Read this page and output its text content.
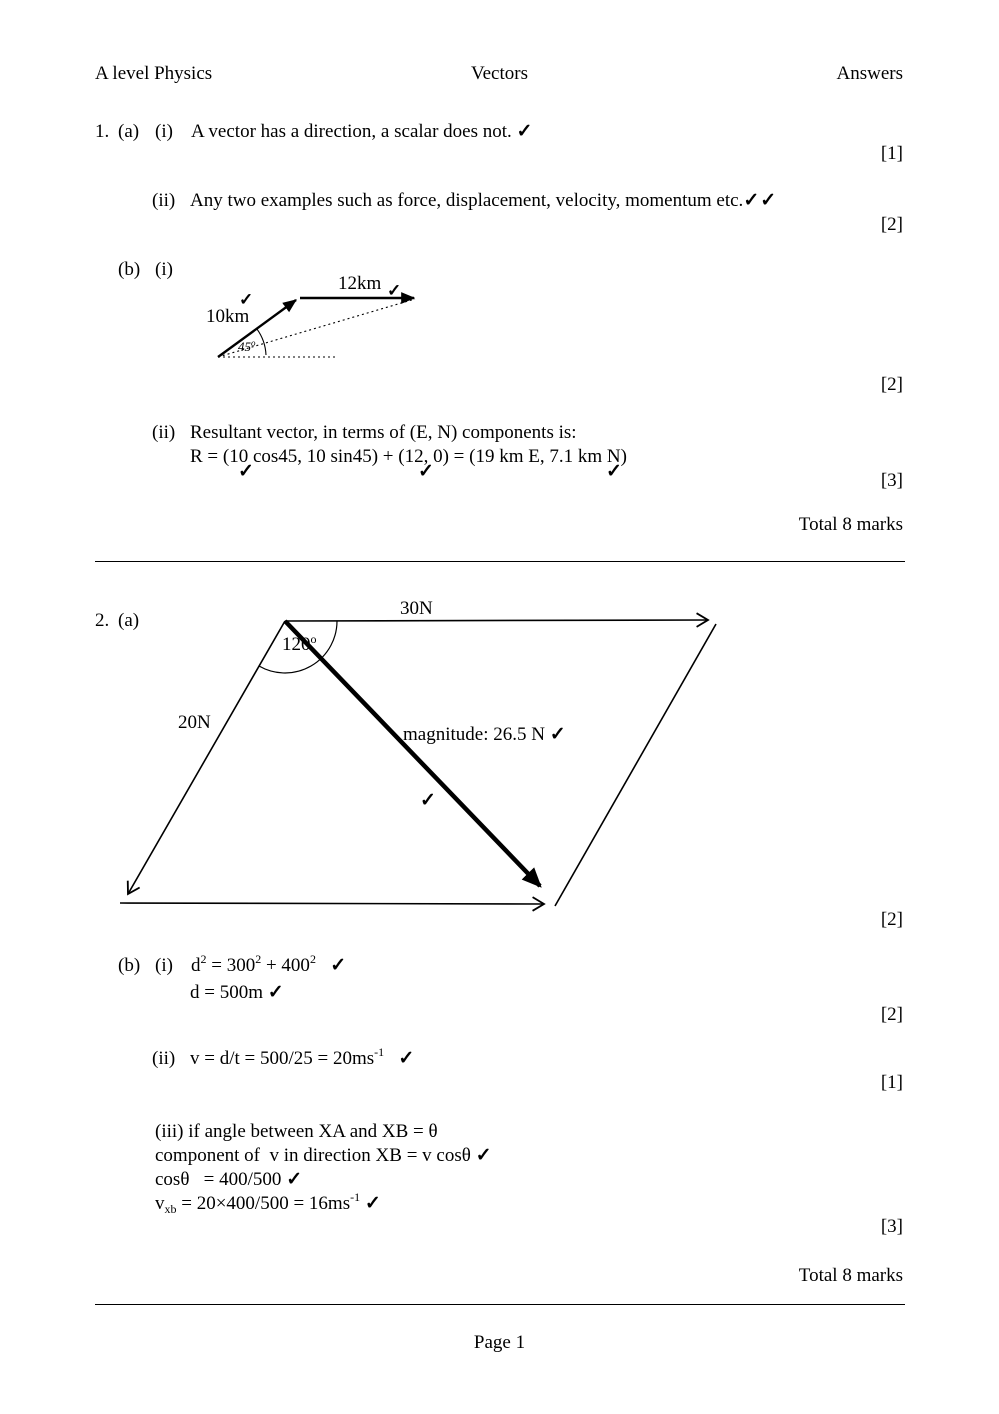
A level Physics	Vectors	Answers
1. (a) (i) A vector has a direction, a scalar does not. ✓
[1]
(ii) Any two examples such as force, displacement, velocity, momentum etc.✓✓
[2]
(b) (i)
10km
✓
12km ✓
45$^o$
[2]
(ii) Resultant vector, in terms of (E, N) components is:
R = (10 cos45, 10 sin45) + (12, 0) = (19 km E, 7.1 km N)
✓	✓	✓	[3]
Total 8 marks
2. (a)
30N
20N
120$^o$
magnitude: 26.5 N ✓
✓
[2]
(b) (i) $d^2 = 300^2 + 400^2$ ✓
d = 500m ✓
[2]
(ii) $v = d/t = 500/25 = 20ms^{-1}$ ✓
[1]
(iii) if angle between XA and XB = θ
component of  v in direction XB = v cosθ ✓
cosθ   = 400/500 ✓
$v_{xb} = 20\times 400/500 = 16ms^{-1}$ ✓
[3]
Total 8 marks
Page 1
